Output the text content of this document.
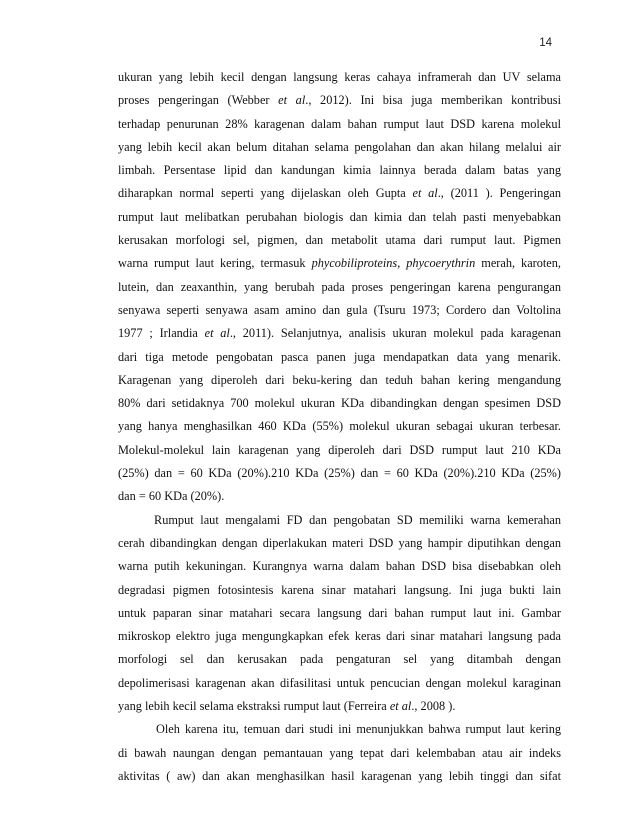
14
ukuran yang lebih kecil dengan langsung keras cahaya inframerah dan UV selama
proses pengeringan (Webber et al., 2012). Ini bisa juga memberikan kontribusi
terhadap penurunan 28% karagenan dalam bahan rumput laut DSD karena molekul
yang lebih kecil akan belum ditahan selama pengolahan dan akan hilang melalui air
limbah. Persentase lipid dan kandungan kimia lainnya berada dalam batas yang
diharapkan normal seperti yang dijelaskan oleh Gupta et al., (2011 ). Pengeringan
rumput laut melibatkan perubahan biologis dan kimia dan telah pasti menyebabkan
kerusakan morfologi sel, pigmen, dan metabolit utama dari rumput laut. Pigmen
warna rumput laut kering, termasuk phycobiliproteins, phycoerythrin merah, karoten,
lutein, dan zeaxanthin, yang berubah pada proses pengeringan karena pengurangan
senyawa seperti senyawa asam amino dan gula (Tsuru 1973; Cordero dan Voltolina
1977 ; Irlandia et al., 2011). Selanjutnya, analisis ukuran molekul pada karagenan
dari tiga metode pengobatan pasca panen juga mendapatkan data yang menarik.
Karagenan yang diperoleh dari beku-kering dan teduh bahan kering mengandung
80% dari setidaknya 700 molekul ukuran KDa dibandingkan dengan spesimen DSD
yang hanya menghasilkan 460 KDa (55%) molekul ukuran sebagai ukuran terbesar.
Molekul-molekul lain karagenan yang diperoleh dari DSD rumput laut 210 KDa
(25%) dan = 60 KDa (20%).210 KDa (25%) dan = 60 KDa (20%).210 KDa (25%)
dan = 60 KDa (20%).
Rumput laut mengalami FD dan pengobatan SD memiliki warna kemerahan
cerah dibandingkan dengan diperlakukan materi DSD yang hampir diputihkan dengan
warna putih kekuningan. Kurangnya warna dalam bahan DSD bisa disebabkan oleh
degradasi pigmen fotosintesis karena sinar matahari langsung. Ini juga bukti lain
untuk paparan sinar matahari secara langsung dari bahan rumput laut ini. Gambar
mikroskop elektro juga mengungkapkan efek keras dari sinar matahari langsung pada
morfologi sel dan kerusakan pada pengaturan sel yang ditambah dengan
depolimerisasi karagenan akan difasilitasi untuk pencucian dengan molekul karaginan
yang lebih kecil selama ekstraksi rumput laut (Ferreira et al., 2008 ).
Oleh karena itu, temuan dari studi ini menunjukkan bahwa rumput laut kering
di bawah naungan dengan pemantauan yang tepat dari kelembaban atau air indeks
aktivitas ( aw) dan akan menghasilkan hasil karagenan yang lebih tinggi dan sifat
